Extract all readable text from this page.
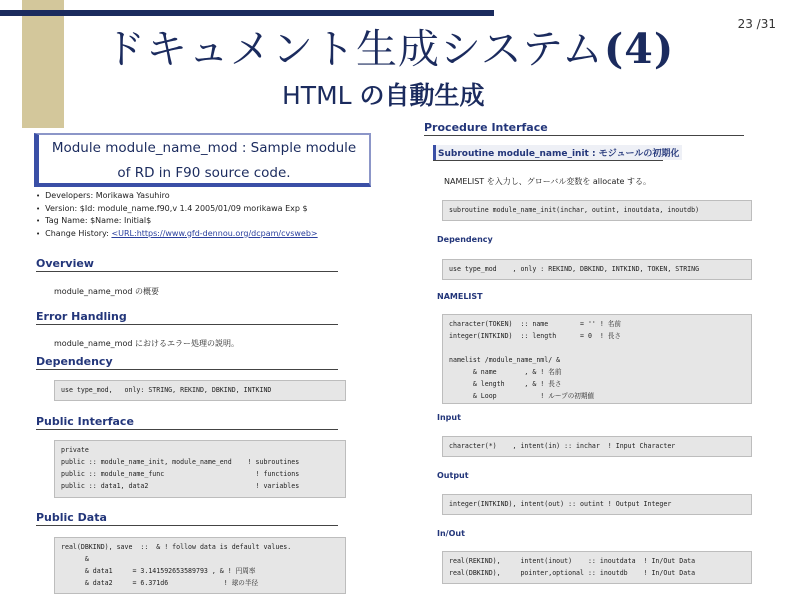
ドキュメント生成システム(4)
23 /31
HTML の自動生成
Module module_name_mod : Sample module
of RD in F90 source code.
• Developers: Morikawa Yasuhiro
• Version: $Id: module_name.f90,v 1.4 2005/01/09 morikawa Exp $
• Tag Name: $Name: Initial$
• Change History: <URL:https://www.gfd-dennou.org/dcpam/cvsweb>
Overview
module_name_mod の概要
Error Handling
module_name_mod におけるエラー処理の説明。
Dependency
use type_mod,   only: STRING, REKIND, DBKIND, INTKIND
Public Interface
private
public :: module_name_init, module_name_end    ! subroutines
public :: module_name_func                       ! functions
public :: data1, data2                           ! variables
Public Data
real(DBKIND), save  ::  & ! follow data is default values.
&
& data1     = 3.141592653589793 , & ! 円周率
& data2     = 6.371d6              ! 球の半径
Procedure Interface
Subroutine module_name_init : モジュールの初期化
NAMELIST を入力し、グローバル変数を allocate する。
subroutine module_name_init(inchar, outint, inoutdata, inoutdb)
Dependency
use type_mod    , only : REKIND, DBKIND, INTKIND, TOKEN, STRING
NAMELIST
character(TOKEN)  :: name        = '' ! 名前
integer(INTKIND)  :: length      = 0  ! 長さ

namelist /module_name_nml/ &
& name       , & ! 名前
& length     , & ! 長さ
& Loop           ! ループの初期値
Input
character(*)    , intent(in) :: inchar  ! Input Character
Output
integer(INTKIND), intent(out) :: outint ! Output Integer
In/Out
real(REKIND),     intent(inout)    :: inoutdata  ! In/Out Data
real(DBKIND),     pointer,optional :: inoutdb    ! In/Out Data
